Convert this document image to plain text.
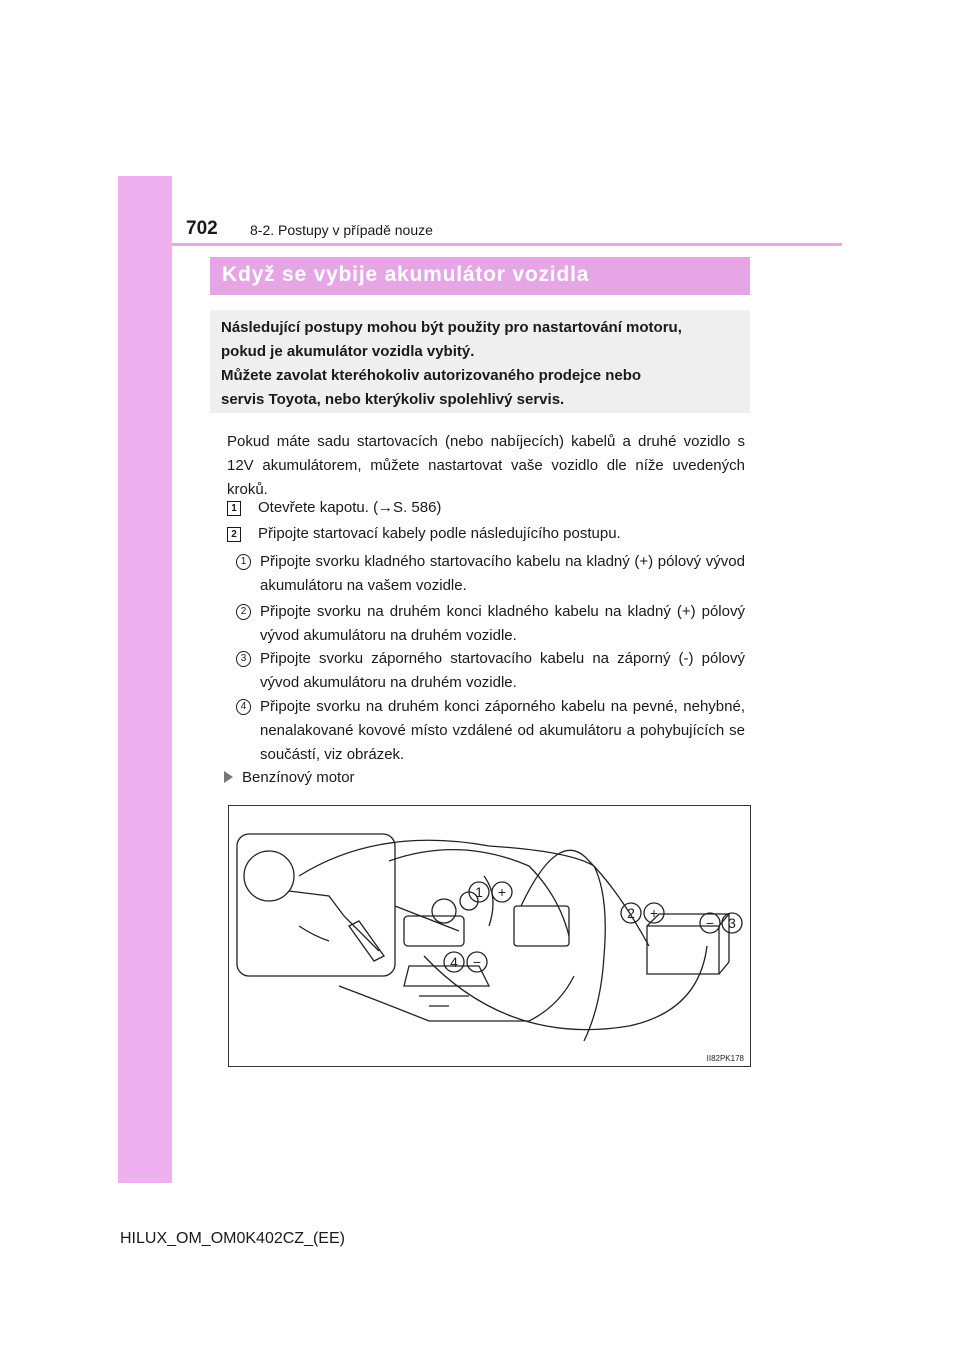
702 8-2. Postupy v případě nouze
Když se vybije akumulátor vozidla
Následující postupy mohou být použity pro nastartování motoru,
pokud je akumulátor vozidla vybitý.
Můžete zavolat kteréhokoliv autorizovaného prodejce nebo
servis Toyota, nebo kterýkoliv spolehlivý servis.
Pokud máte sadu startovacích (nebo nabíjecích) kabelů a druhé vozidlo s 12V akumulátorem, můžete nastartovat vaše vozidlo dle níže uvedených kroků.
1 Otevřete kapotu. (→S. 586)
2 Připojte startovací kabely podle následujícího postupu.
1 Připojte svorku kladného startovacího kabelu na kladný (+) pólový vývod akumulátoru na vašem vozidle.
2 Připojte svorku na druhém konci kladného kabelu na kladný (+) pólový vývod akumulátoru na druhém vozidle.
3 Připojte svorku záporného startovacího kabelu na záporný (-) pólový vývod akumulátoru na druhém vozidle.
4 Připojte svorku na druhém konci záporného kabelu na pevné, nehybné, nenalakované kovové místo vzdálené od akumulátoru a pohybujících se součástí, viz obrázek.
Benzínový motor
1 +
2 +
− 3
4 −
II82PK178
HILUX_OM_OM0K402CZ_(EE)
